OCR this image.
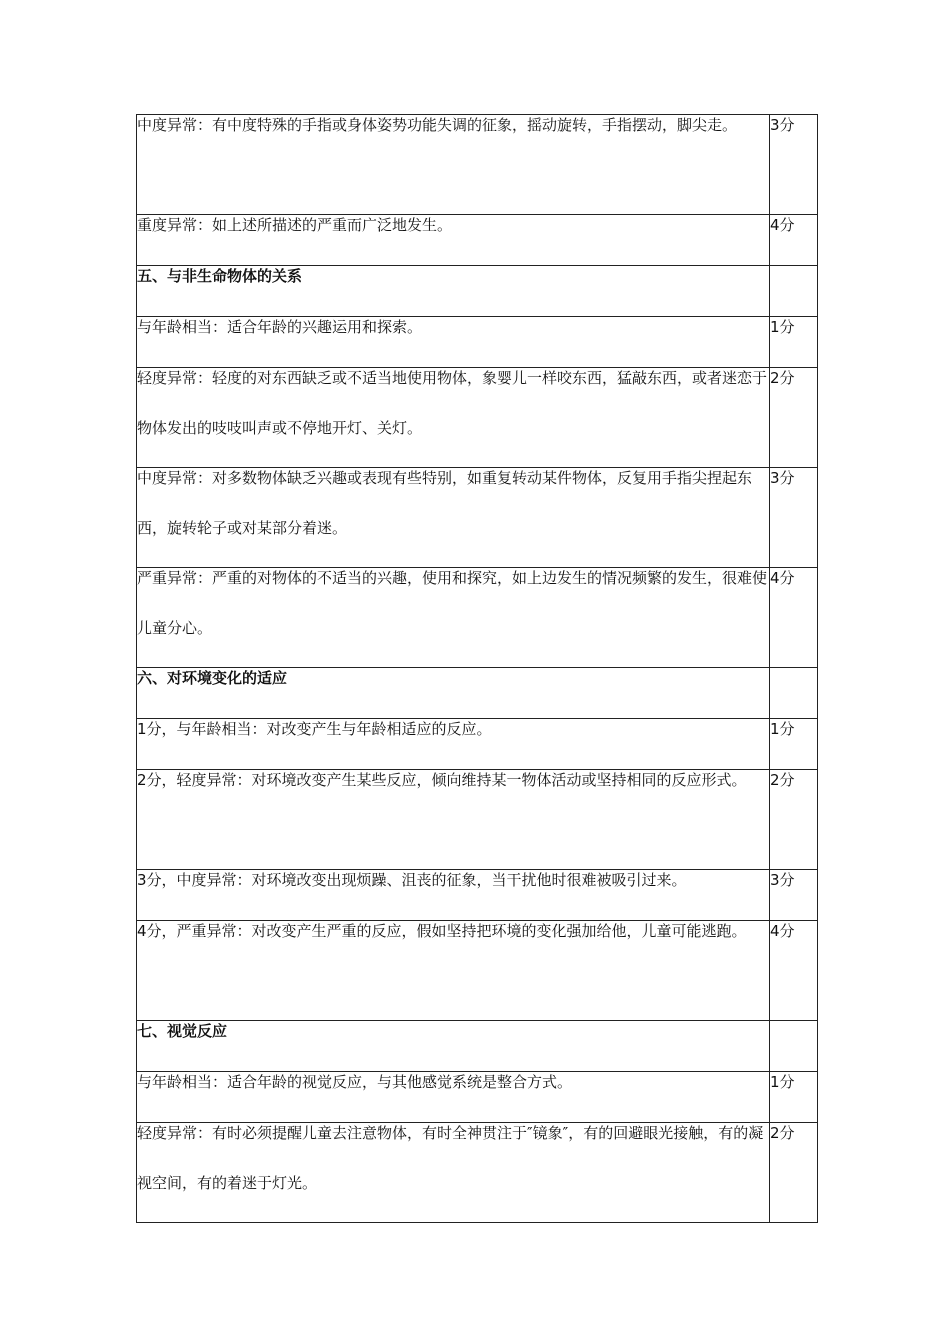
中度异常：有中度特殊的手指或身体姿势功能失调的征象，摇动旋转，手指摆动，脚尖走。	3分

重度异常：如上述所描述的严重而广泛地发生。	4分
五、与非生命物体的关系	

与年龄相当：适合年龄的兴趣运用和探索。	1分

轻度异常：轻度的对东西缺乏或不适当地使用物体，象婴儿一样咬东西，猛敲东西，或者迷恋于物体发出的吱吱叫声或不停地开灯、关灯。	2分

中度异常：对多数物体缺乏兴趣或表现有些特别，如重复转动某件物体，反复用手指尖捏起东西，旋转轮子或对某部分着迷。	3分

严重异常：严重的对物体的不适当的兴趣，使用和探究，如上边发生的情况频繁的发生，很难使儿童分心。	4分
六、对环境变化的适应	

1分，与年龄相当：对改变产生与年龄相适应的反应。	1分

2分，轻度异常：对环境改变产生某些反应，倾向维持某一物体活动或坚持相同的反应形式。	2分

3分，中度异常：对环境改变出现烦躁、沮丧的征象，当干扰他时很难被吸引过来。	3分

4分，严重异常：对改变产生严重的反应，假如坚持把环境的变化强加给他，儿童可能逃跑。	4分
七、视觉反应	

与年龄相当：适合年龄的视觉反应，与其他感觉系统是整合方式。	1分

轻度异常：有时必须提醒儿童去注意物体，有时全神贯注于″镜象″，有的回避眼光接触，有的凝视空间，有的着迷于灯光。	2分
